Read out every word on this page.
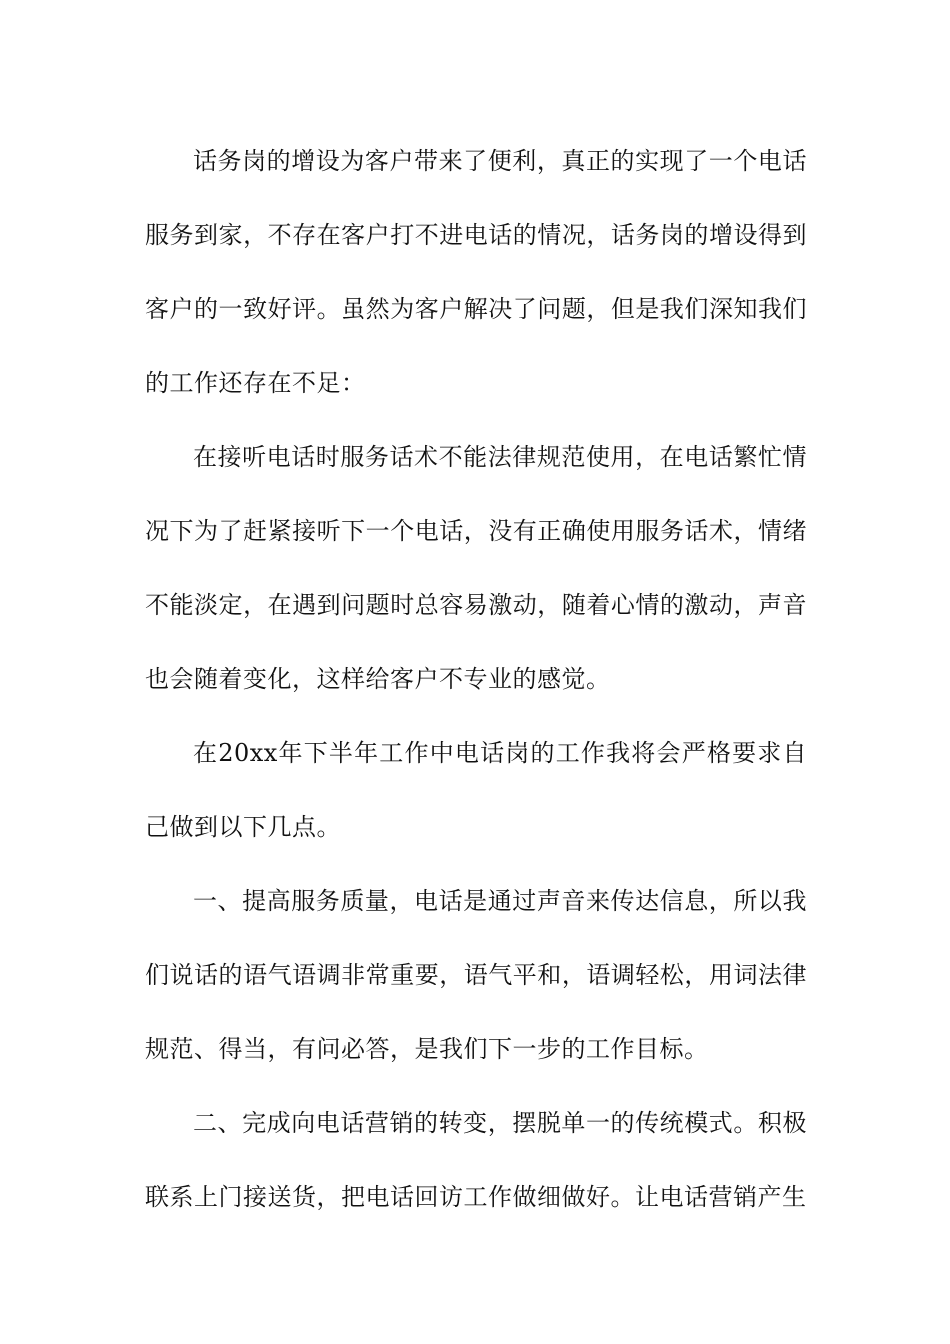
话务岗的增设为客户带来了便利，真正的实现了一个电话服务到家，不存在客户打不进电话的情况，话务岗的增设得到客户的一致好评。虽然为客户解决了问题，但是我们深知我们的工作还存在不足：

在接听电话时服务话术不能法律规范使用，在电话繁忙情况下为了赶紧接听下一个电话，没有正确使用服务话术，情绪不能淡定，在遇到问题时总容易激动，随着心情的激动，声音也会随着变化，这样给客户不专业的感觉。

在20xx年下半年工作中电话岗的工作我将会严格要求自己做到以下几点。

一、提高服务质量，电话是通过声音来传达信息，所以我们说话的语气语调非常重要，语气平和，语调轻松，用词法律规范、得当，有问必答，是我们下一步的工作目标。

二、完成向电话营销的转变，摆脱单一的传统模式。积极联系上门接送货，把电话回访工作做细做好。让电话营销产生
